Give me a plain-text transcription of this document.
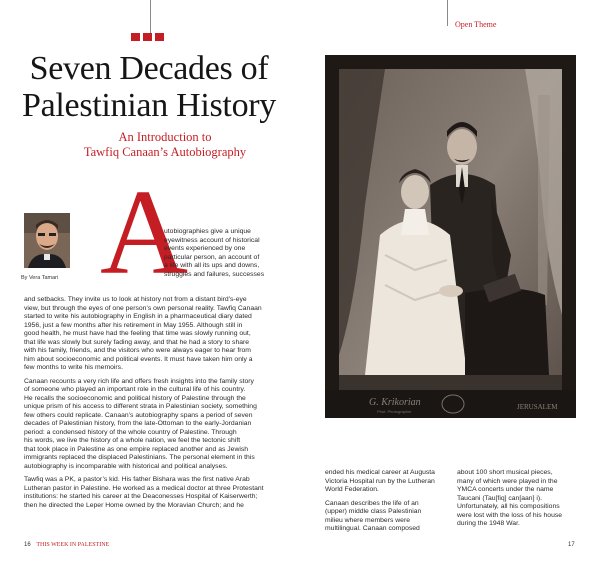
Open Theme
Seven Decades of
Palestinian History
An Introduction to
Tawfiq Canaan’s Autobiography
By Vera Tamari A

utobiographies give a unique

eyewitness account of historical

events experienced by one

particular person, an account of

a life with all its ups and downs,

struggles and failures, successes

and setbacks. They invite us to look at history not from a distant bird’s-eye

view, but through the eyes of one person’s own personal reality. Tawfiq Canaan

started to write his autobiography in English in a pharmaceutical diary dated

1956, just a few months after his retirement in May 1955. Although still in

good health, he must have had the feeling that time was slowly running out,

that life was slowly but surely fading away, and that he had a story to share

with his family, friends, and the visitors who were always eager to hear from

him about socioeconomic and political events. It must have taken him only a

few months to write his memoirs.

Canaan recounts a very rich life and offers fresh insights into the family story

of someone who played an important role in the cultural life of his country.

He recalls the socioeconomic and political history of Palestine through the

unique prism of his access to different strata in Palestinian society, something

few others could replicate. Canaan’s autobiography spans a period of seven

decades of Palestinian history, from the late-Ottoman to the early-Jordanian

period: a condensed history of the whole country of Palestine. Through

his words, we live the history of a whole nation, we feel the tectonic shift

that took place in Palestine as one empire replaced another and as Jewish

immigrants replaced the displaced Palestinians. The personal element in this

autobiography is incomparable with historical and political analyses.

Tawfiq was a PK, a pastor’s kid. His father Bishara was the first native Arab

Lutheran pastor in Palestine. He worked as a medical doctor at three Protestant

institutions: he started his career at the Deaconesses Hospital of Kaiserwerth;

then he directed the Leper Home owned by the Moravian Church; and he

G. Krikorian
Phot. Photographer
JERUSALEM

ended his medical career at Augusta

Victoria Hospital run by the Lutheran

World Federation.

Canaan describes the life of an

(upper) middle class Palestinian

milieu where members were

multilingual. Canaan composed

about 100 short musical pieces,

many of which were played in the

YMCA concerts under the name

Taucani (Tau[fiq] can[aan] i).

Unfortunately, all his compositions

were lost with the loss of his house

during the 1948 War.

16 THIS WEEK IN PALESTINE	17
